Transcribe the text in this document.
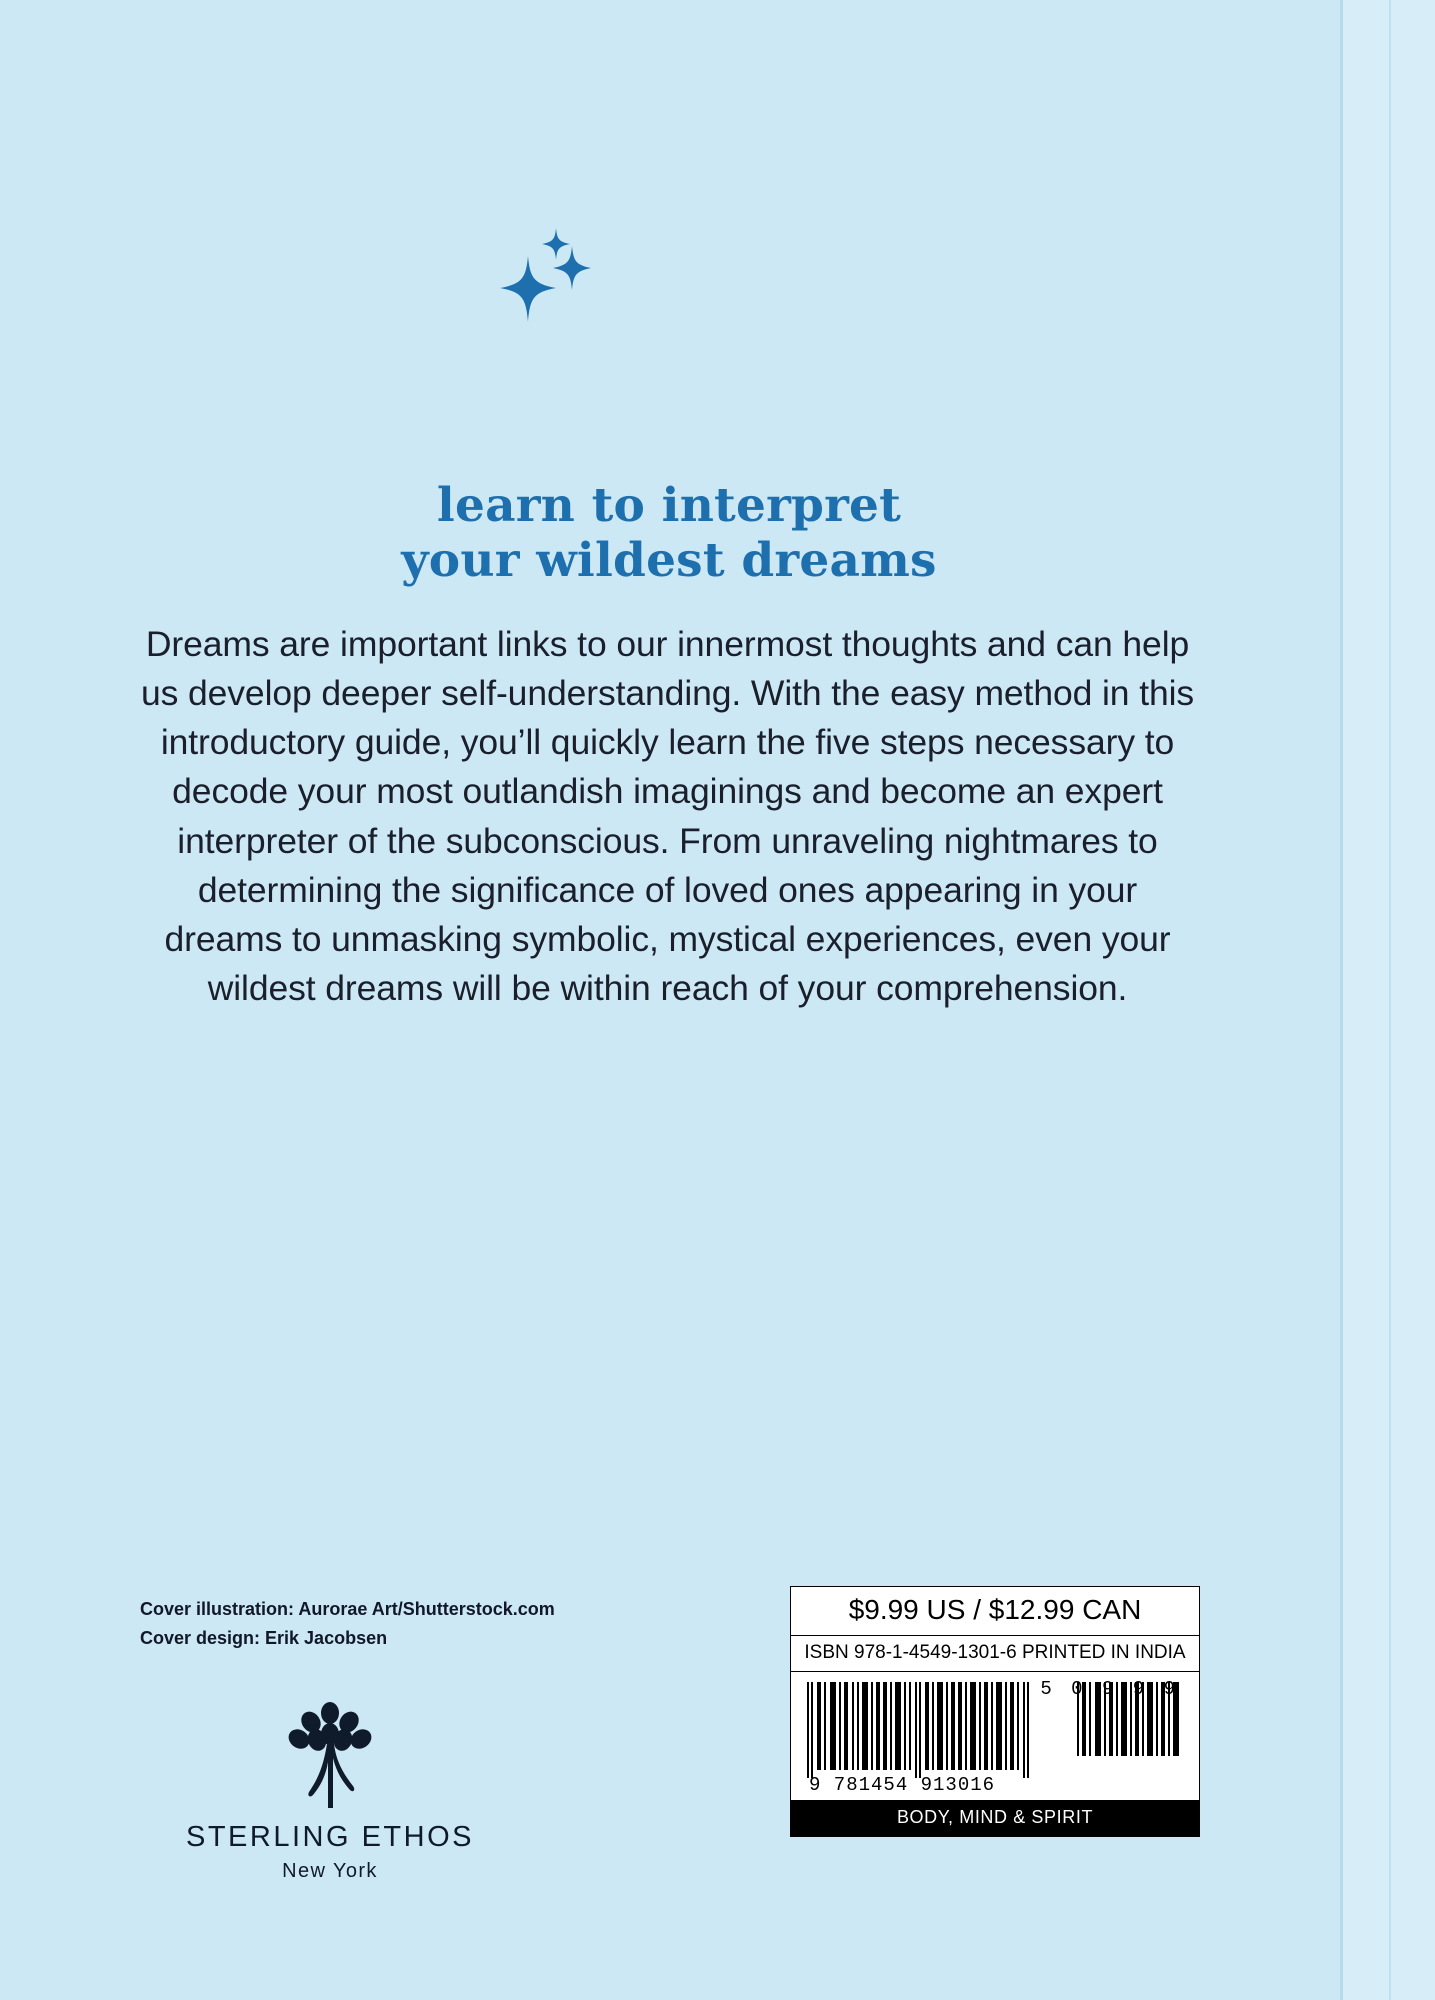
learn to interpret
your wildest dreams
Dreams are important links to our innermost thoughts and can help us develop deeper self-understanding. With the easy method in this introductory guide, you’ll quickly learn the five steps necessary to decode your most outlandish imaginings and become an expert interpreter of the subconscious. From unraveling nightmares to determining the significance of loved ones appearing in your dreams to unmasking symbolic, mystical experiences, even your wildest dreams will be within reach of your comprehension.
Cover illustration: Aurorae Art/Shutterstock.com
Cover design: Erik Jacobsen
STERLING ETHOS
New York
$9.99 US / $12.99 CAN
ISBN 978-1-4549-1301-6 PRINTED IN INDIA
9 781454 913016
5 0 9 9 9
BODY, MIND & SPIRIT
